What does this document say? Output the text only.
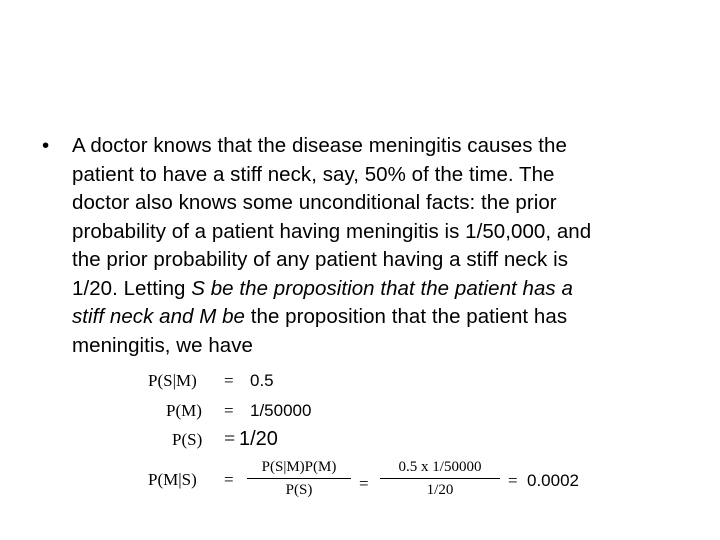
• A doctor knows that the disease meningitis causes the
patient to have a stiff neck, say, 50% of the time. The
doctor also knows some unconditional facts: the prior
probability of a patient having meningitis is 1/50,000, and
the prior probability of any patient having a stiff neck is
1/20. Letting S be the proposition that the patient has a
stiff neck and M be the proposition that the patient has
meningitis, we have
P(S|M) = 0.5
P(M) = 1/50000
P(S) = 1/20
$P(M|S) = \frac{P(S|M)P(M)}{P(S)} = \frac{0.5 x 1/50000}{1/20} = 0.0002$
